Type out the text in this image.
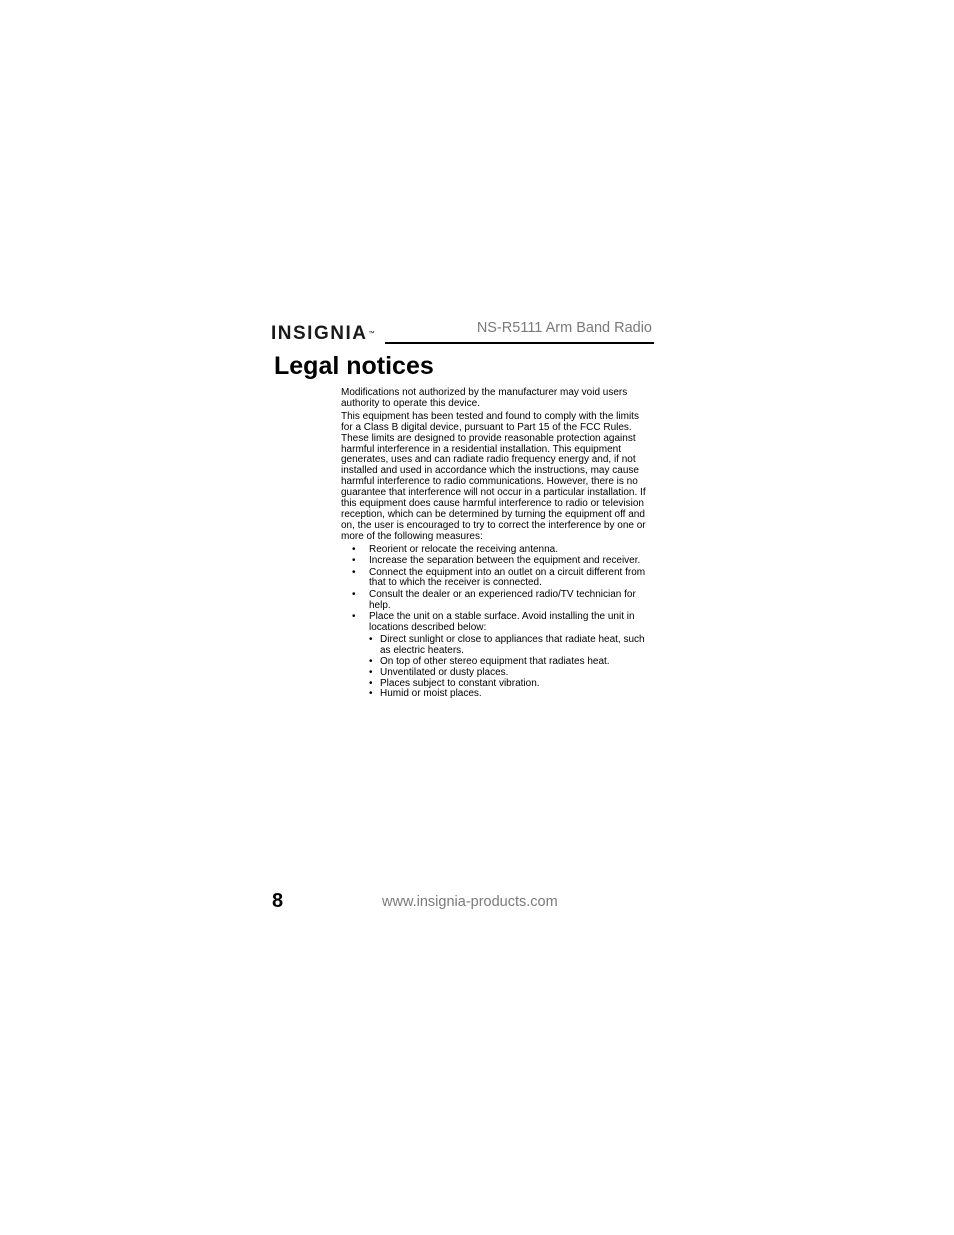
INSIGNIA ™	NS-R5111 Arm Band Radio
Legal notices

Modifications not authorized by the manufacturer may void users authority to operate this device.

This equipment has been tested and found to comply with the limits for a Class B digital device, pursuant to Part 15 of the FCC Rules. These limits are designed to provide reasonable protection against harmful interference in a residential installation. This equipment generates, uses and can radiate radio frequency energy and, if not installed and used in accordance which the instructions, may cause harmful interference to radio communications. However, there is no guarantee that interference will not occur in a particular installation. If this equipment does cause harmful interference to radio or television reception, which can be determined by turning the equipment off and on, the user is encouraged to try to correct the interference by one or more of the following measures:

• Reorient or relocate the receiving antenna.
• Increase the separation between the equipment and receiver.
• Connect the equipment into an outlet on a circuit different from that to which the receiver is connected.
• Consult the dealer or an experienced radio/TV technician for help.
• Place the unit on a stable surface. Avoid installing the unit in locations described below:
• Direct sunlight or close to appliances that radiate heat, such as electric heaters.
• On top of other stereo equipment that radiates heat.
• Unventilated or dusty places.
• Places subject to constant vibration.
• Humid or moist places.
8	www.insignia-products.com
